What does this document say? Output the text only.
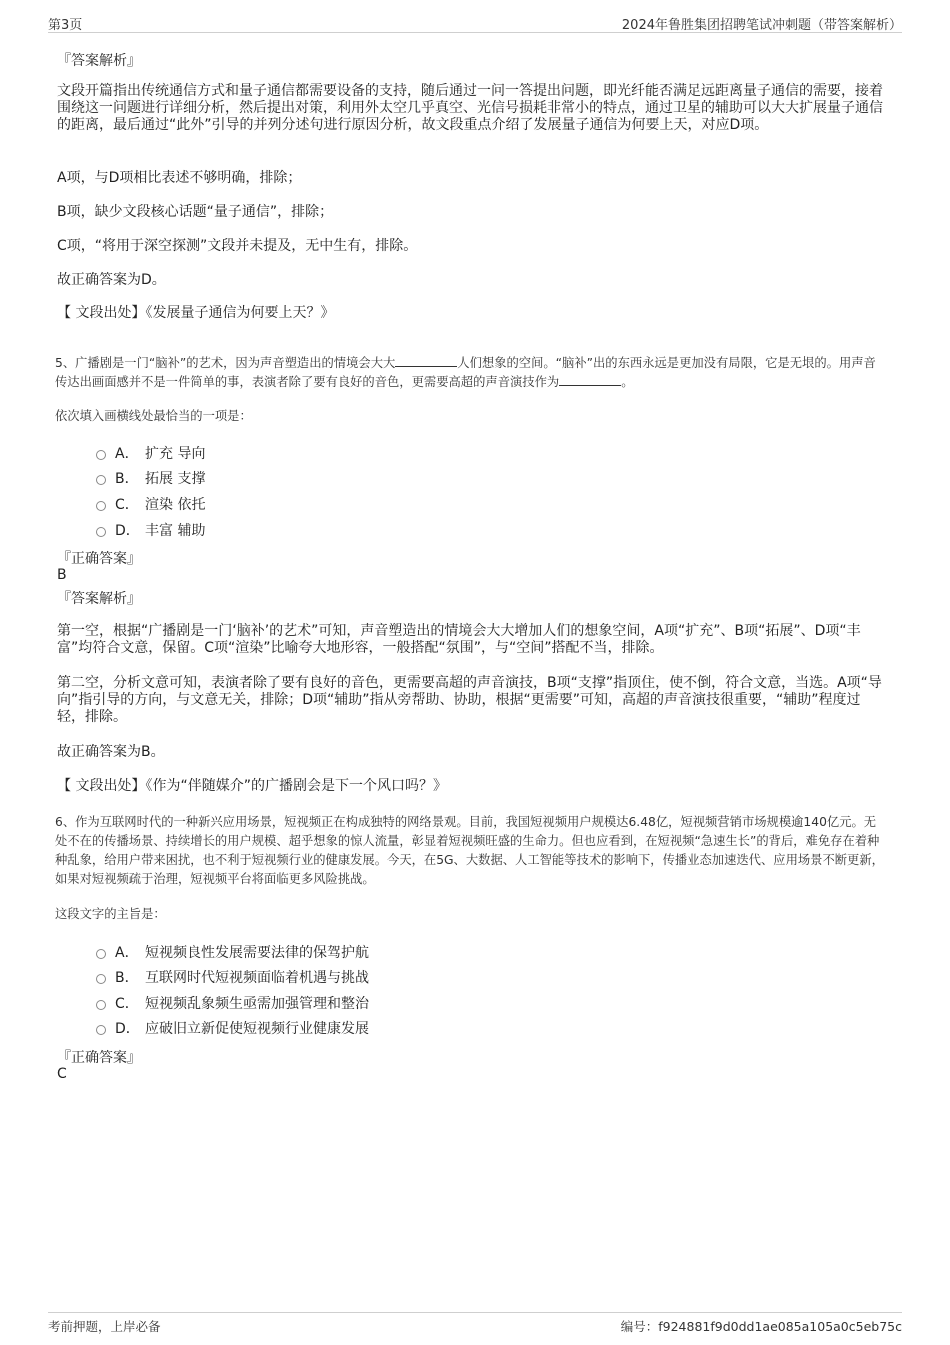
第3页	2024年鲁胜集团招聘笔试冲刺题（带答案解析）
『答案解析』
文段开篇指出传统通信方式和量子通信都需要设备的支持，随后通过一问一答提出问题，即光纤能否满足远距离量子通信的需要，接着围绕这一问题进行详细分析，然后提出对策，利用外太空几乎真空、光信号损耗非常小的特点，通过卫星的辅助可以大大扩展量子通信的距离，最后通过“此外”引导的并列分述句进行原因分析，故文段重点介绍了发展量子通信为何要上天，对应D项。
A项，与D项相比表述不够明确，排除；
B项，缺少文段核心话题“量子通信”，排除；
C项，“将用于深空探测”文段并未提及，无中生有，排除。
故正确答案为D。
【 文段出处】《发展量子通信为何要上天？》
5、广播剧是一门“脑补”的艺术，因为声音塑造出的情境会大大	人们想象的空间。“脑补”出的东西永远是更加没有局限，它是无垠的。用声音传达出画面感并不是一件简单的事，表演者除了要有良好的音色，更需要高超的声音演技作为	。
依次填入画横线处最恰当的一项是：
A． 扩充 导向
B． 拓展 支撑
C． 渲染 依托
D． 丰富 辅助
『正确答案』
B
『答案解析』
第一空，根据“广播剧是一门‘脑补’的艺术”可知，声音塑造出的情境会大大增加人们的想象空间，A项“扩充”、B项“拓展”、D项“丰富”均符合文意，保留。C项“渲染”比喻夸大地形容，一般搭配“氛围”，与“空间”搭配不当，排除。
第二空，分析文意可知，表演者除了要有良好的音色，更需要高超的声音演技，B项“支撑”指顶住，使不倒，符合文意，当选。A项“导向”指引导的方向，与文意无关，排除；D项“辅助”指从旁帮助、协助，根据“更需要”可知，高超的声音演技很重要，“辅助”程度过轻，排除。
故正确答案为B。
【 文段出处】《作为“伴随媒介”的广播剧会是下一个风口吗？》
6、作为互联网时代的一种新兴应用场景，短视频正在构成独特的网络景观。目前，我国短视频用户规模达6.48亿，短视频营销市场规模逾140亿元。无处不在的传播场景、持续增长的用户规模、超乎想象的惊人流量，彰显着短视频旺盛的生命力。但也应看到，在短视频“急速生长”的背后，难免存在着种种乱象，给用户带来困扰，也不利于短视频行业的健康发展。今天，在5G、大数据、人工智能等技术的影响下，传播业态加速迭代、应用场景不断更新，如果对短视频疏于治理，短视频平台将面临更多风险挑战。
这段文字的主旨是：
A． 短视频良性发展需要法律的保驾护航
B． 互联网时代短视频面临着机遇与挑战
C． 短视频乱象频生亟需加强管理和整治
D． 应破旧立新促使短视频行业健康发展
『正确答案』
C
考前押题，上岸必备	编号：f924881f9d0dd1ae085a105a0c5eb75c
